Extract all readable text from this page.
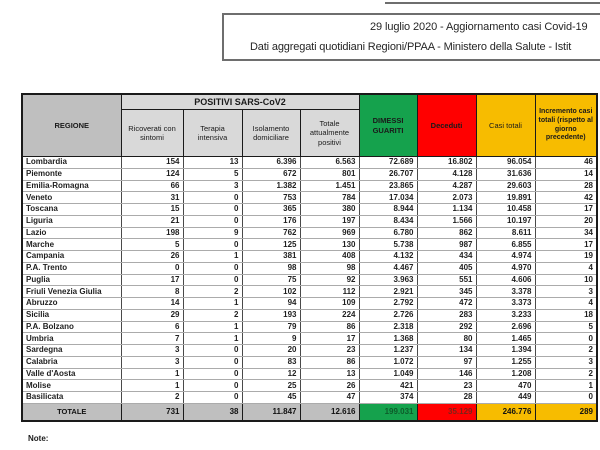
29 luglio 2020 - Aggiornamento casi Covid-19
Dati aggregati quotidiani Regioni/PPAA - Ministero della Salute - Istit
REGIONE	POSITIVI SARS-CoV2				DIMESSI GUARITI	Deceduti	Casi totali	Incremento casi totali (rispetto al giorno precedente)
	Ricoverati con sintomi	Terapia intensiva	Isolamento domiciliare	Totale attualmente positivi				
Lombardia	154	13	6.396	6.563	72.689	16.802	96.054	46
Piemonte	124	5	672	801	26.707	4.128	31.636	14
Emilia-Romagna	66	3	1.382	1.451	23.865	4.287	29.603	28
Veneto	31	0	753	784	17.034	2.073	19.891	42
Toscana	15	0	365	380	8.944	1.134	10.458	17
Liguria	21	0	176	197	8.434	1.566	10.197	20
Lazio	198	9	762	969	6.780	862	8.611	34
Marche	5	0	125	130	5.738	987	6.855	17
Campania	26	1	381	408	4.132	434	4.974	19
P.A. Trento	0	0	98	98	4.467	405	4.970	4
Puglia	17	0	75	92	3.963	551	4.606	10
Friuli Venezia Giulia	8	2	102	112	2.921	345	3.378	3
Abruzzo	14	1	94	109	2.792	472	3.373	4
Sicilia	29	2	193	224	2.726	283	3.233	18
P.A. Bolzano	6	1	79	86	2.318	292	2.696	5
Umbria	7	1	9	17	1.368	80	1.465	0
Sardegna	3	0	20	23	1.237	134	1.394	2
Calabria	3	0	83	86	1.072	97	1.255	3
Valle d'Aosta	1	0	12	13	1.049	146	1.208	2
Molise	1	0	25	26	421	23	470	1
Basilicata	2	0	45	47	374	28	449	0
TOTALE	731	38	11.847	12.616	199.031	35.129	246.776	289
Note:
